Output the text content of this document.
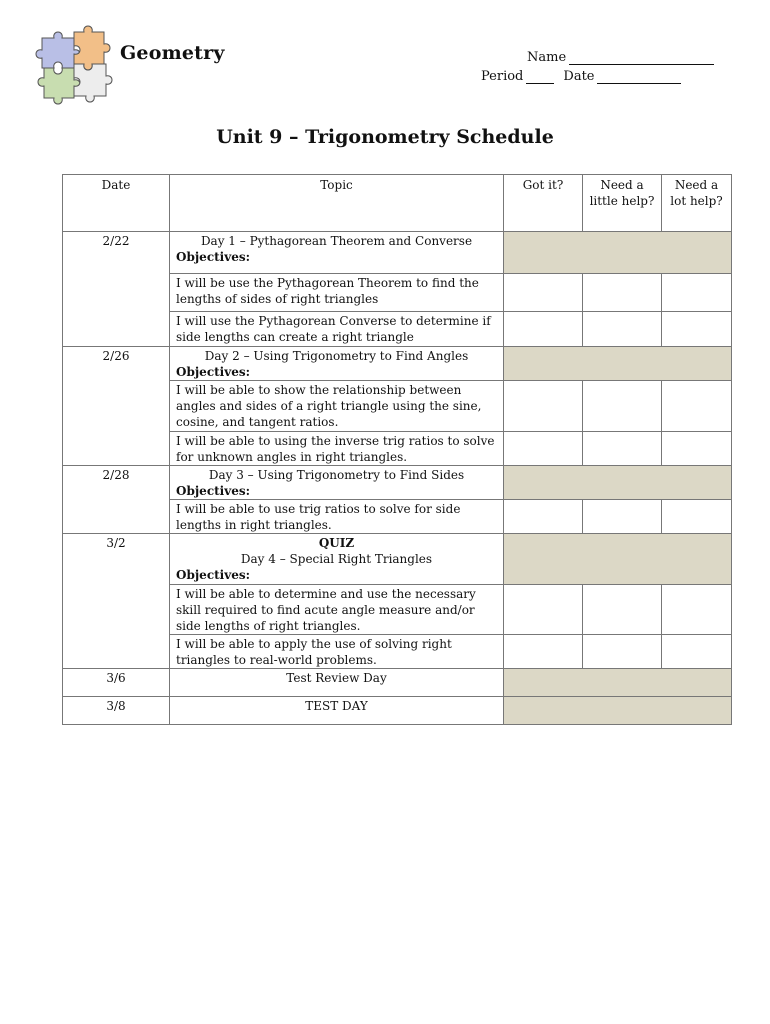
Geometry	Name
Period	Date
Unit 9 – Trigonometry Schedule
Date	Topic	Got it?	Need a little help?	Need a lot help?
2/22	Day 1 – Pythagorean Theorem and Converse
Objectives:			

	I will be use the Pythagorean Theorem to find the lengths of sides of right triangles			
	I will use the Pythagorean Converse to determine if side lengths can create a right triangle			
2/26	Day 2 – Using Trigonometry to Find Angles
Objectives:			

	I will be able to show the relationship between angles and sides of a right triangle using the sine, cosine, and tangent ratios.			
	I will be able to using the inverse trig ratios to solve for unknown angles in right triangles.			
2/28	Day 3 – Using Trigonometry to Find Sides
Objectives:			

	I will be able to use trig ratios to solve for side lengths in right triangles.			
3/2	QUIZ
Day 4 – Special Right Triangles
Objectives:			

	I will be able to determine and use the necessary skill required to find acute angle measure and/or side lengths of right triangles.			
	I will be able to apply the use of solving right triangles to real-world problems.			
3/6	Test Review Day			
3/8	TEST DAY			
